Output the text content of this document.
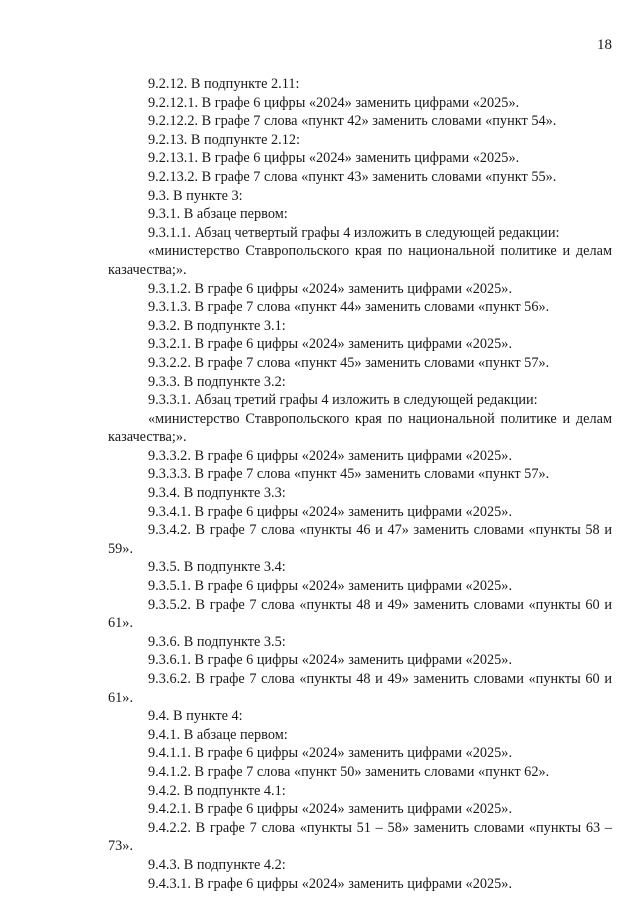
18

9.2.12. В подпункте 2.11:

9.2.12.1. В графе 6 цифры «2024» заменить цифрами «2025».

9.2.12.2. В графе 7 слова «пункт 42» заменить словами «пункт 54».

9.2.13. В подпункте 2.12:

9.2.13.1. В графе 6 цифры «2024» заменить цифрами «2025».

9.2.13.2. В графе 7 слова «пункт 43» заменить словами «пункт 55».

9.3. В пункте 3:

9.3.1. В абзаце первом:

9.3.1.1. Абзац четвертый графы 4 изложить в следующей редакции:

«министерство Ставропольского края по национальной политике и делам казачества;».

9.3.1.2. В графе 6 цифры «2024» заменить цифрами «2025».

9.3.1.3. В графе 7 слова «пункт 44» заменить словами «пункт 56».

9.3.2. В подпункте 3.1:

9.3.2.1. В графе 6 цифры «2024» заменить цифрами «2025».

9.3.2.2. В графе 7 слова «пункт 45» заменить словами «пункт 57».

9.3.3. В подпункте 3.2:

9.3.3.1. Абзац третий графы 4 изложить в следующей редакции:

«министерство Ставропольского края по национальной политике и делам казачества;».

9.3.3.2. В графе 6 цифры «2024» заменить цифрами «2025».

9.3.3.3. В графе 7 слова «пункт 45» заменить словами «пункт 57».

9.3.4. В подпункте 3.3:

9.3.4.1. В графе 6 цифры «2024» заменить цифрами «2025».

9.3.4.2. В графе 7 слова «пункты 46 и 47» заменить словами «пункты 58 и 59».

9.3.5. В подпункте 3.4:

9.3.5.1. В графе 6 цифры «2024» заменить цифрами «2025».

9.3.5.2. В графе 7 слова «пункты 48 и 49» заменить словами «пункты 60 и 61».

9.3.6. В подпункте 3.5:

9.3.6.1. В графе 6 цифры «2024» заменить цифрами «2025».

9.3.6.2. В графе 7 слова «пункты 48 и 49» заменить словами «пункты 60 и 61».

9.4. В пункте 4:

9.4.1. В абзаце первом:

9.4.1.1. В графе 6 цифры «2024» заменить цифрами «2025».

9.4.1.2. В графе 7 слова «пункт 50» заменить словами «пункт 62».

9.4.2. В подпункте 4.1:

9.4.2.1. В графе 6 цифры «2024» заменить цифрами «2025».

9.4.2.2. В графе 7 слова «пункты 51 – 58» заменить словами «пункты 63 – 73».

9.4.3. В подпункте 4.2:

9.4.3.1. В графе 6 цифры «2024» заменить цифрами «2025».
